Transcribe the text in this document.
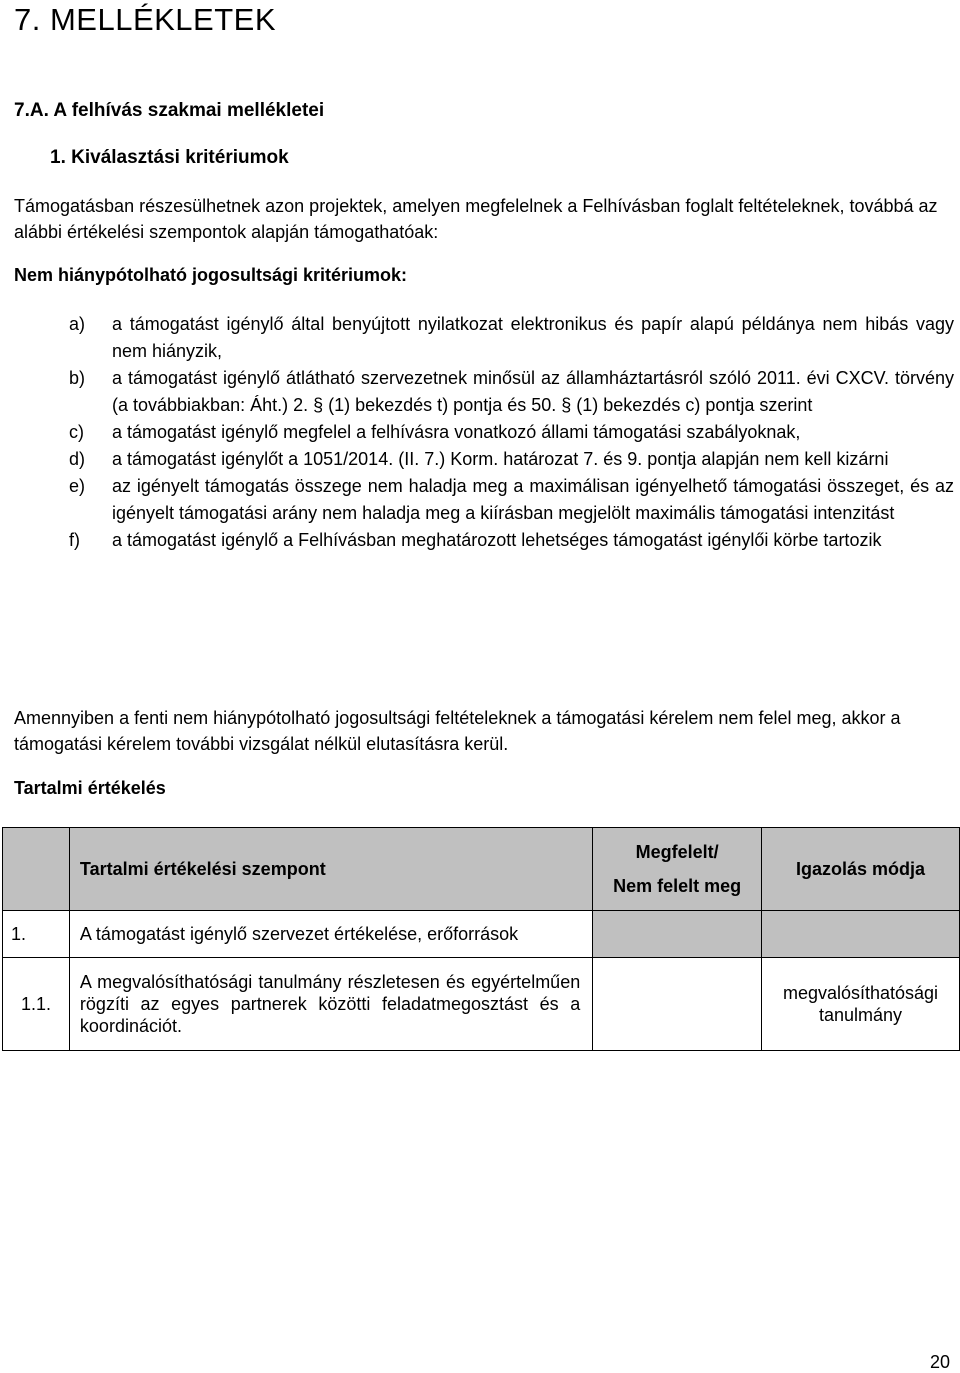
7. MELLÉKLETEK
7.A. A felhívás szakmai mellékletei
1. Kiválasztási kritériumok
Támogatásban részesülhetnek azon projektek, amelyen megfelelnek a Felhívásban foglalt feltételeknek, továbbá az alábbi értékelési szempontok alapján támogathatóak:
Nem hiánypótolható jogosultsági kritériumok:
a) a támogatást igénylő által benyújtott nyilatkozat elektronikus és papír alapú példánya nem hibás vagy nem hiányzik,
b) a támogatást igénylő átlátható szervezetnek minősül az államháztartásról szóló 2011. évi CXCV. törvény (a továbbiakban: Áht.) 2. § (1) bekezdés t) pontja és 50. § (1) bekezdés c) pontja szerint
c) a támogatást igénylő megfelel a felhívásra vonatkozó állami támogatási szabályoknak,
d) a támogatást igénylőt a 1051/2014. (II. 7.) Korm. határozat 7. és 9. pontja alapján nem kell kizárni
e) az igényelt támogatás összege nem haladja meg a maximálisan igényelhető támogatási összeget, és az igényelt támogatási arány nem haladja meg a kiírásban megjelölt maximális támogatási intenzitást
f) a támogatást igénylő a Felhívásban meghatározott lehetséges támogatást igénylői körbe tartozik
Amennyiben a fenti nem hiánypótolható jogosultsági feltételeknek a támogatási kérelem nem felel meg, akkor a támogatási kérelem további vizsgálat nélkül elutasításra kerül.
Tartalmi értékelés
	Tartalmi értékelési szempont	Megfelelt/
Nem felelt meg	Igazolás módja
1.	A támogatást igénylő szervezet értékelése, erőforrások		
1.1.	A megvalósíthatósági tanulmány részletesen és egyértelműen rögzíti az egyes partnerek közötti feladatmegosztást és a koordinációt.		megvalósíthatósági tanulmány
20
